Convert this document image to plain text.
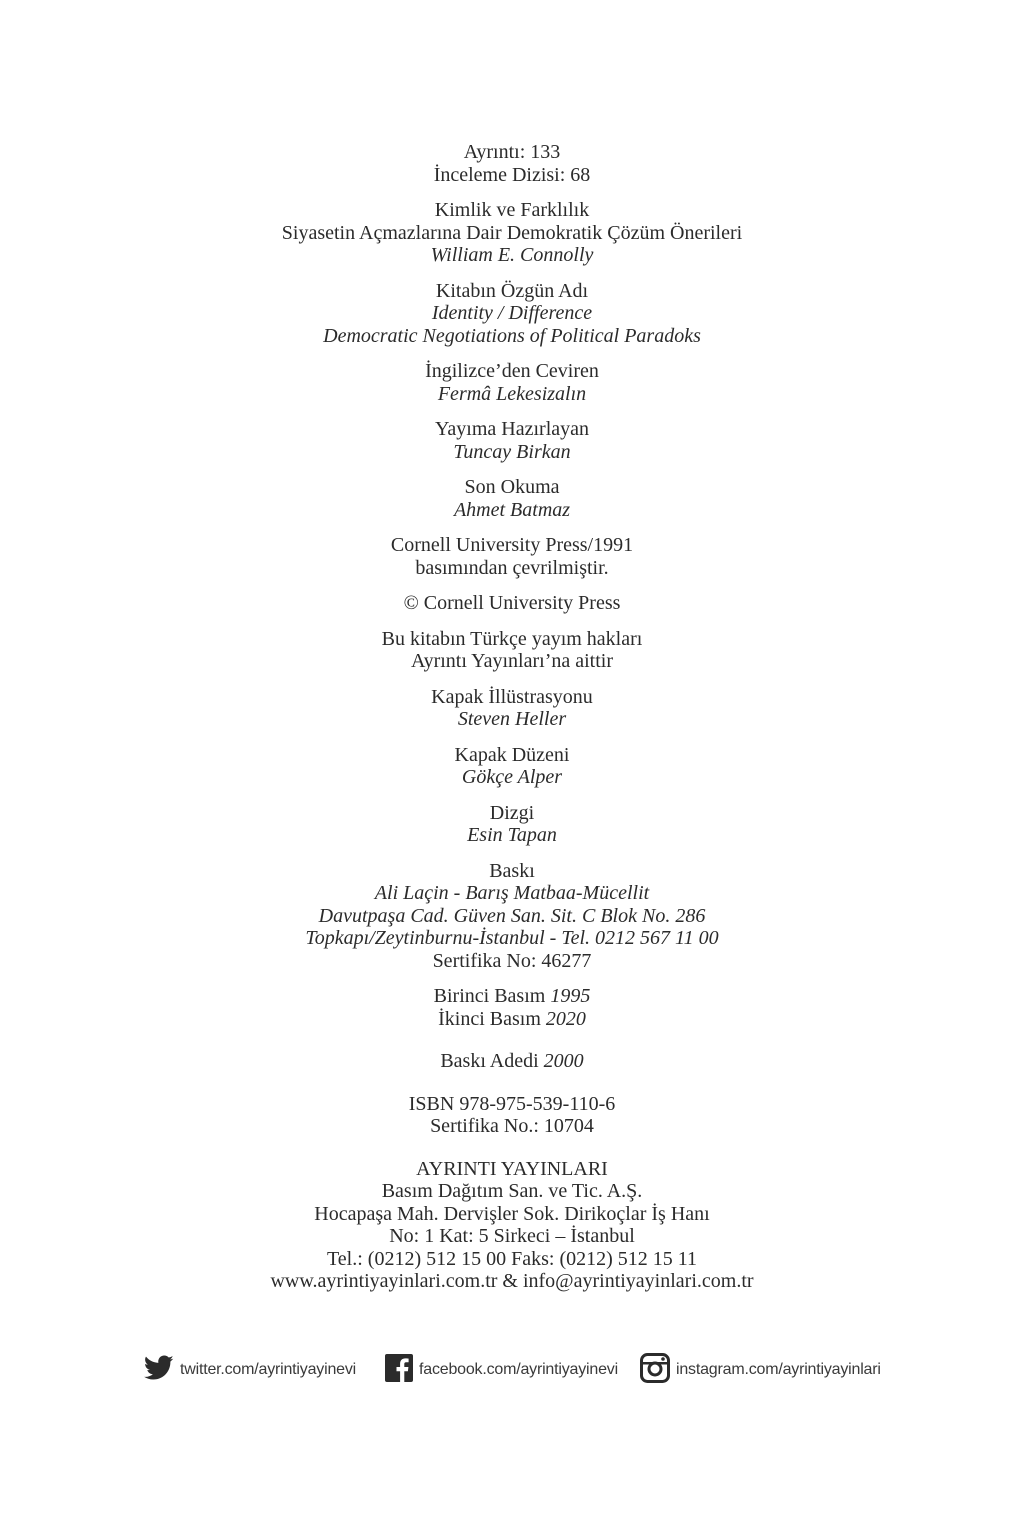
Ayrıntı: 133
İnceleme Dizisi: 68
Kimlik ve Farklılık
Siyasetin Açmazlarına Dair Demokratik Çözüm Önerileri
William E. Connolly
Kitabın Özgün Adı
Identity / Difference
Democratic Negotiations of Political Paradoks
İngilizce’den Ceviren
Fermâ Lekesizalın
Yayıma Hazırlayan
Tuncay Birkan
Son Okuma
Ahmet Batmaz
Cornell University Press/1991
basımından çevrilmiştir.
© Cornell University Press
Bu kitabın Türkçe yayım hakları
Ayrıntı Yayınları’na aittir
Kapak İllüstrasyonu
Steven Heller
Kapak Düzeni
Gökçe Alper
Dizgi
Esin Tapan
Baskı
Ali Laçin - Barış Matbaa-Mücellit
Davutpaşa Cad. Güven San. Sit. C Blok No. 286
Topkapı/Zeytinburnu-İstanbul - Tel. 0212 567 11 00
Sertifika No: 46277
Birinci Basım 1995
İkinci Basım 2020
Baskı Adedi 2000
ISBN 978-975-539-110-6
Sertifika No.: 10704
AYRINTI YAYINLARI
Basım Dağıtım San. ve Tic. A.Ş.
Hocapaşa Mah. Dervişler Sok. Dirikoçlar İş Hanı
No: 1 Kat: 5 Sirkeci – İstanbul
Tel.: (0212) 512 15 00 Faks: (0212) 512 15 11
www.ayrintiyayinlari.com.tr & info@ayrintiyayinlari.com.tr
twitter.com/ayrintiyayinevi	facebook.com/ayrintiyayinevi	instagram.com/ayrintiyayinlari
